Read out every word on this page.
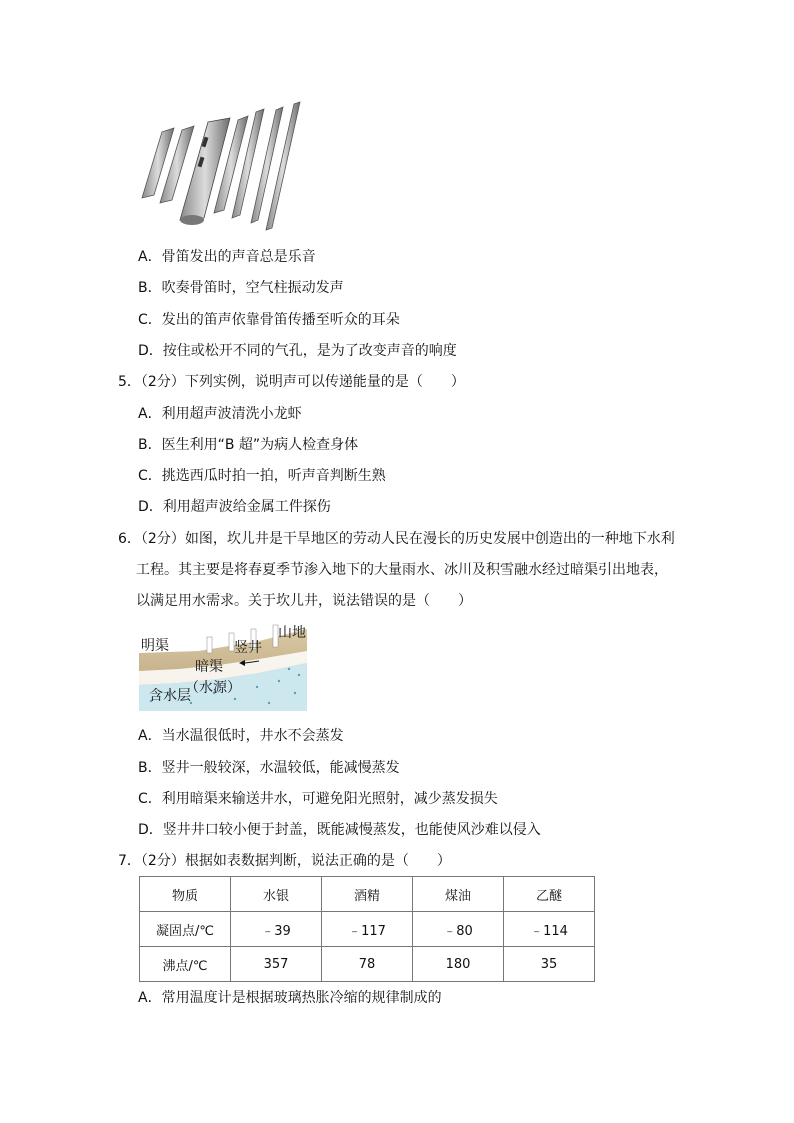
A．骨笛发出的声音总是乐音
B．吹奏骨笛时，空气柱振动发声
C．发出的笛声依靠骨笛传播至听众的耳朵
D．按住或松开不同的气孔，是为了改变声音的响度
5．（2分）下列实例，说明声可以传递能量的是（　　）
A．利用超声波清洗小龙虾
B．医生利用“B 超”为病人检查身体
C．挑选西瓜时拍一拍，听声音判断生熟
D．利用超声波给金属工件探伤
6．（2分）如图，坎儿井是干旱地区的劳动人民在漫长的历史发展中创造出的一种地下水利
工程。其主要是将春夏季节渗入地下的大量雨水、冰川及积雪融水经过暗渠引出地表，
以满足用水需求。关于坎儿井，说法错误的是（　　）
明渠	竖井
山地
暗渠
含水层
（水源）
A．当水温很低时，井水不会蒸发
B．竖井一般较深，水温较低，能减慢蒸发
C．利用暗渠来输送井水，可避免阳光照射，减少蒸发损失
D．竖井井口较小便于封盖，既能减慢蒸发，也能使风沙难以侵入
7．（2分）根据如表数据判断，说法正确的是（　　）
物质	水银	酒精	煤油	乙醚
凝固点/℃	﹣39	﹣117	﹣80	﹣114
沸点/℃	357	78	180	35
A．常用温度计是根据玻璃热胀冷缩的规律制成的
